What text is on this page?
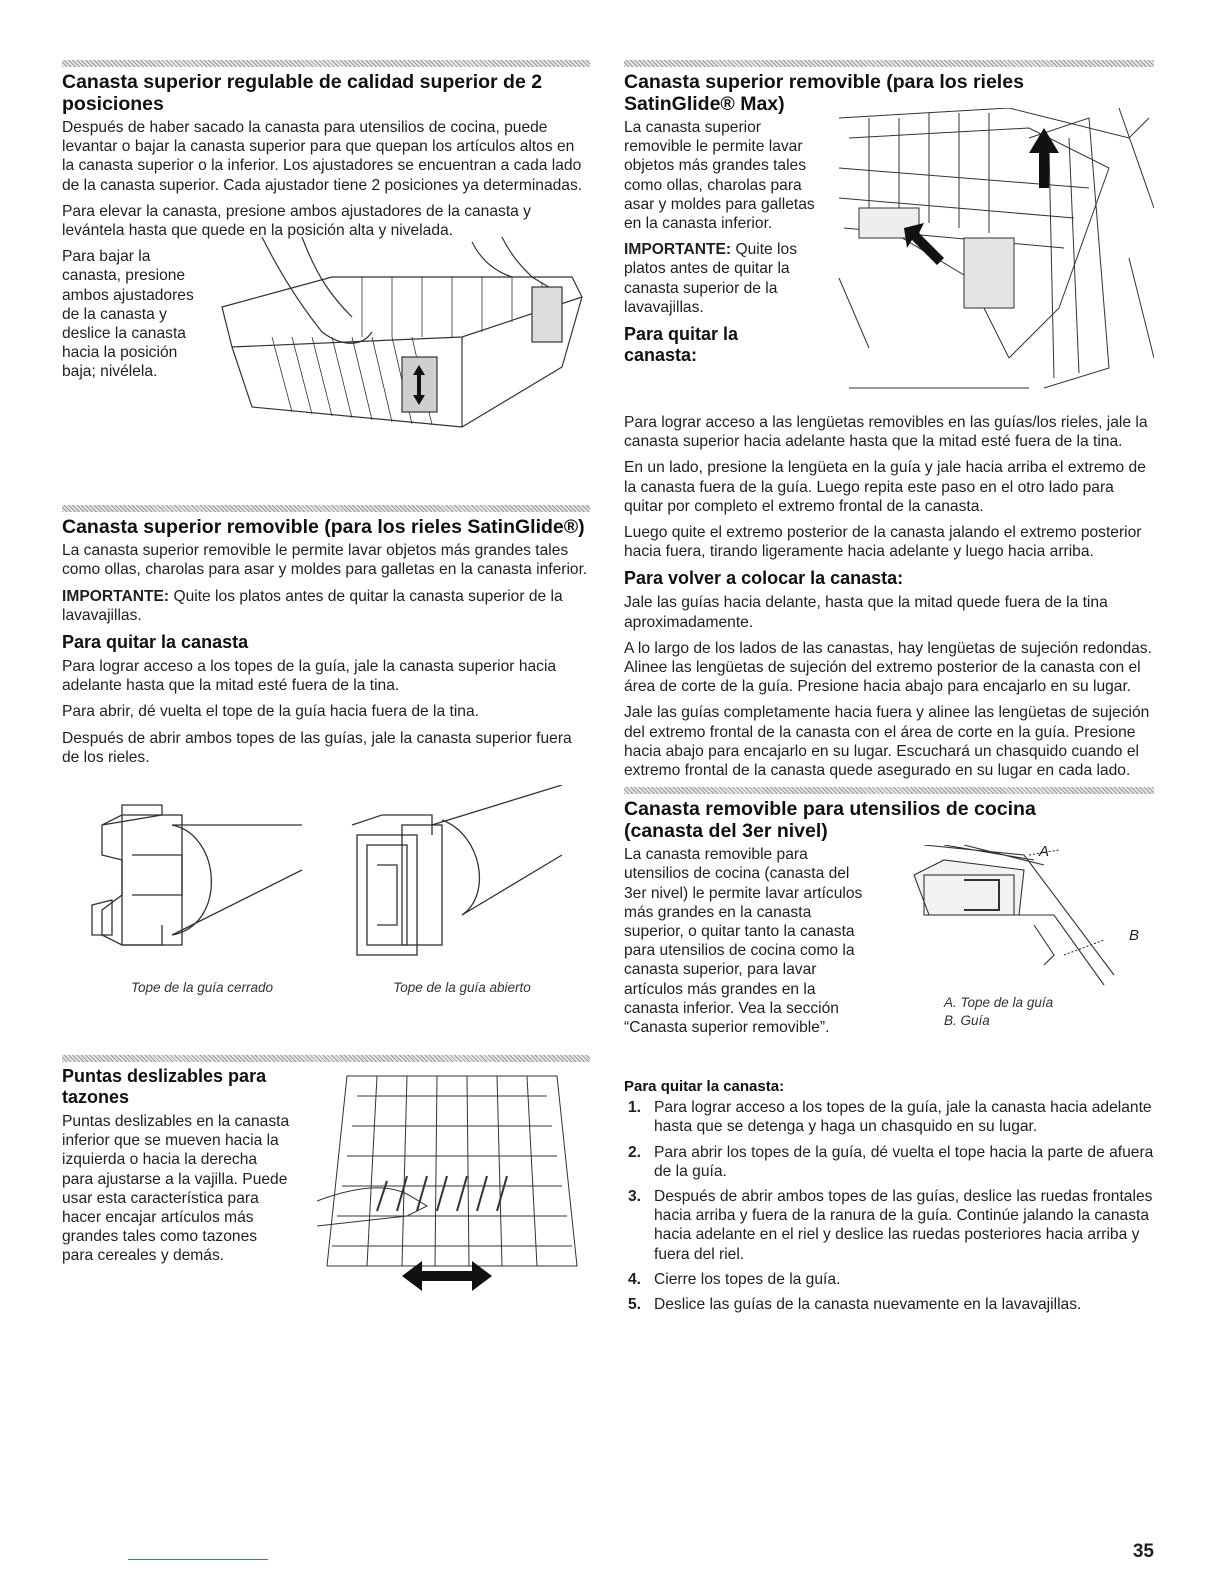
Canasta superior regulable de calidad superior de 2 posiciones

Después de haber sacado la canasta para utensilios de cocina, puede levantar o bajar la canasta superior para que quepan los artículos altos en la canasta superior o la inferior. Los ajustadores se encuentran a cada lado de la canasta superior. Cada ajustador tiene 2 posiciones ya determinadas.

Para elevar la canasta, presione ambos ajustadores de la canasta y levántela hasta que quede en la posición alta y nivelada.

Para bajar la canasta, presione ambos ajustadores de la canasta y deslice la canasta hacia la posición baja; nivélela.

Canasta superior removible (para los rieles SatinGlide®)

La canasta superior removible le permite lavar objetos más grandes tales como ollas, charolas para asar y moldes para galletas en la canasta inferior.

IMPORTANTE: Quite los platos antes de quitar la canasta superior de la lavavajillas.

Para quitar la canasta

Para lograr acceso a los topes de la guía, jale la canasta superior hacia adelante hasta que la mitad esté fuera de la tina.

Para abrir, dé vuelta el tope de la guía hacia fuera de la tina.

Después de abrir ambos topes de las guías, jale la canasta superior fuera de los rieles.

Tope de la guía cerrado	Tope de la guía abierto
Puntas deslizables para tazones

Puntas deslizables en la canasta inferior que se mueven hacia la izquierda o hacia la derecha para ajustarse a la vajilla. Puede usar esta característica para hacer encajar artículos más grandes tales como tazones para cereales y demás.

Canasta superior removible (para los rieles SatinGlide® Max)

La canasta superior removible le permite lavar objetos más grandes tales como ollas, charolas para asar y moldes para galletas en la canasta inferior.

IMPORTANTE: Quite los platos antes de quitar la canasta superior de la lavavajillas.

Para quitar la canasta:

Para lograr acceso a las lengüetas removibles en las guías/los rieles, jale la canasta superior hacia adelante hasta que la mitad esté fuera de la tina.

En un lado, presione la lengüeta en la guía y jale hacia arriba el extremo de la canasta fuera de la guía. Luego repita este paso en el otro lado para quitar por completo el extremo frontal de la canasta.

Luego quite el extremo posterior de la canasta jalando el extremo posterior hacia fuera, tirando ligeramente hacia adelante y luego hacia arriba.

Para volver a colocar la canasta:

Jale las guías hacia delante, hasta que la mitad quede fuera de la tina aproximadamente.

A lo largo de los lados de las canastas, hay lengüetas de sujeción redondas. Alinee las lengüetas de sujeción del extremo posterior de la canasta con el área de corte de la guía. Presione hacia abajo para encajarlo en su lugar.

Jale las guías completamente hacia fuera y alinee las lengüetas de sujeción del extremo frontal de la canasta con el área de corte en la guía. Presione hacia abajo para encajarlo en su lugar. Escuchará un chasquido cuando el extremo frontal de la canasta quede asegurado en su lugar en cada lado.

Canasta removible para utensilios de cocina (canasta del 3er nivel)

La canasta removible para utensilios de cocina (canasta del 3er nivel) le permite lavar artículos más grandes en la canasta superior, o quitar tanto la canasta para utensilios de cocina como la canasta superior, para lavar artículos más grandes en la canasta inferior. Vea la sección “Canasta superior removible”.

A
B
A. Tope de la guía
B. Guía
Para quitar la canasta:
1. Para lograr acceso a los topes de la guía, jale la canasta hacia adelante hasta que se detenga y haga un chasquido en su lugar.
2. Para abrir los topes de la guía, dé vuelta el tope hacia la parte de afuera de la guía.
3. Después de abrir ambos topes de las guías, deslice las ruedas frontales hacia arriba y fuera de la ranura de la guía. Continúe jalando la canasta hacia adelante en el riel y deslice las ruedas posteriores hacia arriba y fuera del riel.
4. Cierre los topes de la guía.
5. Deslice las guías de la canasta nuevamente en la lavavajillas.
35
